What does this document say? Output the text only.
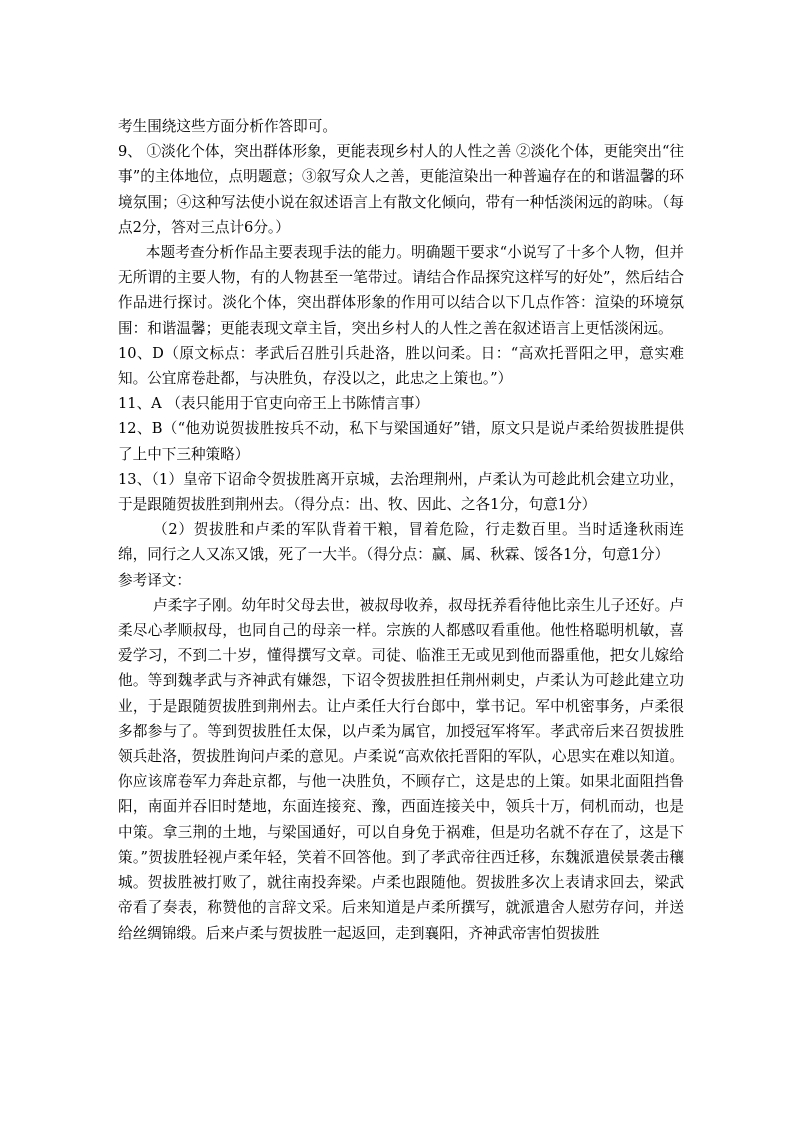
考生围绕这些方面分析作答即可。

9、 ①淡化个体，突出群体形象，更能表现乡村人的人性之善 ②淡化个体，更能突出“往事”的主体地位，点明题意；③叙写众人之善，更能渲染出一种普遍存在的和谐温馨的环境氛围；④这种写法使小说在叙述语言上有散文化倾向，带有一种恬淡闲远的韵味。（每点2分，答对三点计6分。）

本题考查分析作品主要表现手法的能力。明确题干要求“小说写了十多个人物，但并无所谓的主要人物，有的人物甚至一笔带过。请结合作品探究这样写的好处”，然后结合作品进行探讨。淡化个体，突出群体形象的作用可以结合以下几点作答：渲染的环境氛围：和谐温馨；更能表现文章主旨，突出乡村人的人性之善在叙述语言上更恬淡闲远。

10、D（原文标点：孝武后召胜引兵赴洛，胜以问柔。日：“高欢托晋阳之甲，意实难知。公宜席卷赴都，与决胜负，存没以之，此忠之上策也。”）

11、A （表只能用于官吏向帝王上书陈情言事）

12、B（“他劝说贺拔胜按兵不动，私下与梁国通好”错，原文只是说卢柔给贺拔胜提供了上中下三种策略）

13、（1）皇帝下诏命令贺拔胜离开京城，去治理荆州，卢柔认为可趁此机会建立功业，于是跟随贺拔胜到荆州去。（得分点：出、牧、因此、之各1分，句意1分）

（2）贺拔胜和卢柔的军队背着干粮，冒着危险，行走数百里。当时适逢秋雨连绵，同行之人又冻又饿，死了一大半。（得分点：赢、属、秋霖、馁各1分，句意1分）

参考译文：

卢柔字子刚。幼年时父母去世，被叔母收养，叔母抚养看待他比亲生儿子还好。卢柔尽心孝顺叔母，也同自己的母亲一样。宗族的人都感叹看重他。他性格聪明机敏，喜爱学习，不到二十岁，懂得撰写文章。司徒、临淮王无或见到他而器重他，把女儿嫁给他。等到魏孝武与齐神武有嫌怨，下诏令贺拔胜担任荆州刺史，卢柔认为可趁此建立功业，于是跟随贺拔胜到荆州去。让卢柔任大行台郎中，掌书记。军中机密事务，卢柔很多都参与了。等到贺拔胜任太保，以卢柔为属官，加授冠军将军。孝武帝后来召贺拔胜领兵赴洛，贺拔胜询问卢柔的意见。卢柔说“高欢依托晋阳的军队，心思实在难以知道。你应该席卷军力奔赴京都，与他一决胜负，不顾存亡，这是忠的上策。如果北面阻挡鲁阳，南面并吞旧时楚地，东面连接兖、豫，西面连接关中，领兵十万，伺机而动，也是中策。拿三荆的土地，与梁国通好，可以自身免于祸难，但是功名就不存在了，这是下策。”贺拔胜轻视卢柔年轻，笑着不回答他。到了孝武帝往西迁移，东魏派遣侯景袭击穰城。贺拔胜被打败了，就往南投奔梁。卢柔也跟随他。贺拔胜多次上表请求回去，梁武帝看了奏表，称赞他的言辞文采。后来知道是卢柔所撰写，就派遣舍人慰劳存问，并送给丝绸锦缎。后来卢柔与贺拔胜一起返回，走到襄阳，齐神武帝害怕贺拔胜
